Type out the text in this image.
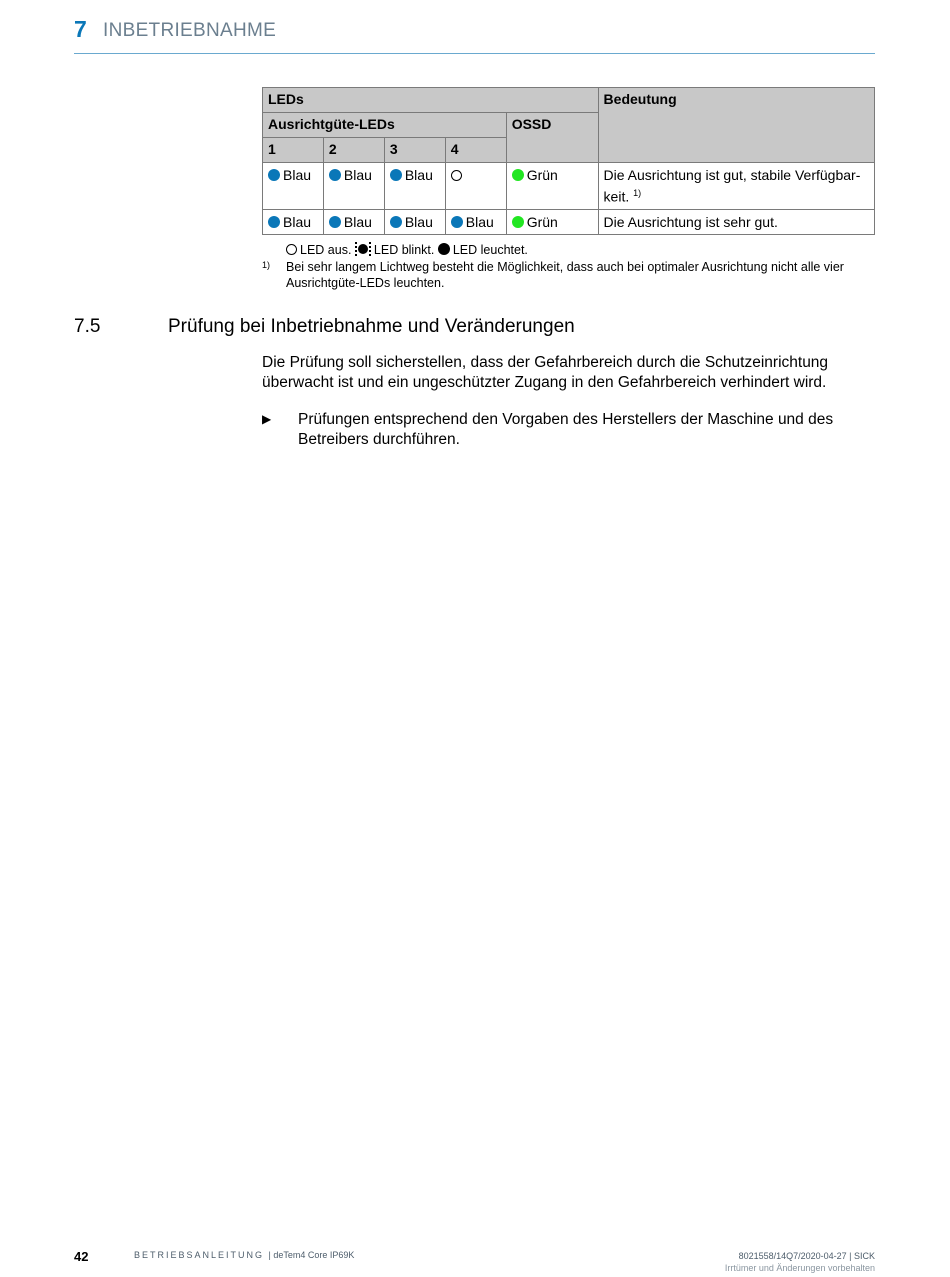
7 INBETRIEBNAHME
LEDs					Bedeutung
Ausrichtgüte-LEDs				OSSD	
1	2	3	4		
Blau	Blau	Blau		Grün	Die Ausrichtung ist gut, stabile Verfügbar-keit. $^{1)}$
Blau	Blau	Blau	Blau	Grün	Die Ausrichtung ist sehr gut.
LED aus. LED blinkt. LED leuchtet.
1) Bei sehr langem Lichtweg besteht die Möglichkeit, dass auch bei optimaler Ausrichtung nicht alle vier Ausrichtgüte-LEDs leuchten.
7.5	Prüfung bei Inbetriebnahme und Veränderungen
Die Prüfung soll sicherstellen, dass der Gefahrbereich durch die Schutzeinrichtung überwacht ist und ein ungeschützter Zugang in den Gefahrbereich verhindert wird.
▶ Prüfungen entsprechend den Vorgaben des Herstellers der Maschine und des Betreibers durchführen.
42	BETRIEBSANLEITUNG | deTem4 Core IP69K	8021558/14Q7/2020-04-27 | SICK
Irrtümer und Änderungen vorbehalten
